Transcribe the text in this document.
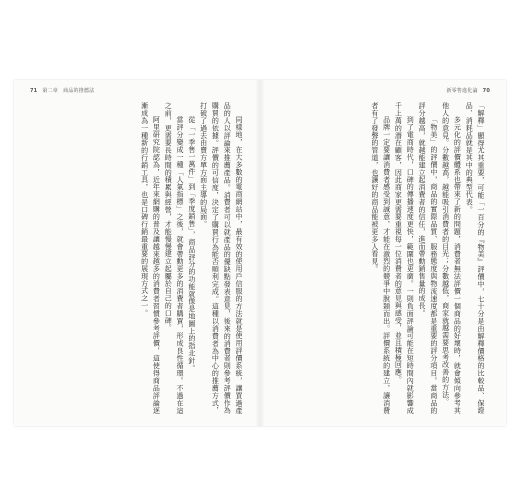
71 第二章　商品的推薦法

同樣地，在大多數的電商網站中，最有效的使用戶信服的方法就是使用評價系統，讓買過產品的人以評論來推薦產品。消費者可以就產品的優缺點發表意見，後來的消費者則參考評價作為購買的依據。評價的可信度，決定了購買行為能否順利完成。這種以消費者為中心的推薦方式，打破了過去由賣方單方面主導的局面。

從「一季售一萬件」到「季度銷售」，商品評分的功能就像是地圖上的指北針。

當評分變成一種「人氣指標」之後，就會帶動更多的消費者購買，形成良性循環。不過在這之前，更需要長時間的積累與經營，才能慢慢建立起屬於自己的口碑。

阿里研究院認為，近年來網購的普及讓越來越多的消費者習慣參考評價，這使得商品評論逐漸成為一種新的行銷工具，也是口碑行銷最重要的展現方式之一。

新零售進化論 70

「解釋」顯得尤其重要，可能「一百分的『物美』評價中，七十分是由解釋價格的比較品、保證品、消耗品就是其中的典型代表。

多元化的評價體系也帶來了新的問題，消費者無法評價一個商品的好壞時，就會傾向參考其他人的意見。分數越高，越能吸引消費者的目光；分數越低，商家就越需要思考改善的方法。

「物美」的評價中，商品的實際品質、服務態度與物流速度都是重要的評分項目。當商品的評分越高，就越能建立起消費者的信任，進而帶動銷售量的成長。

到了電商時代，口碑的傳播速度更快，範圍也更廣。一則負面評論可能在短時間內就影響成千上萬的潛在顧客，因此商家更需要重視每一位消費者的意見與感受，並且積極回應。

品牌一定要讓消費者感受到誠意，才能在激烈的競爭中脫穎而出。評價系統的建立，讓消費者有了發聲的管道，也讓好的商品能被更多人看見。
